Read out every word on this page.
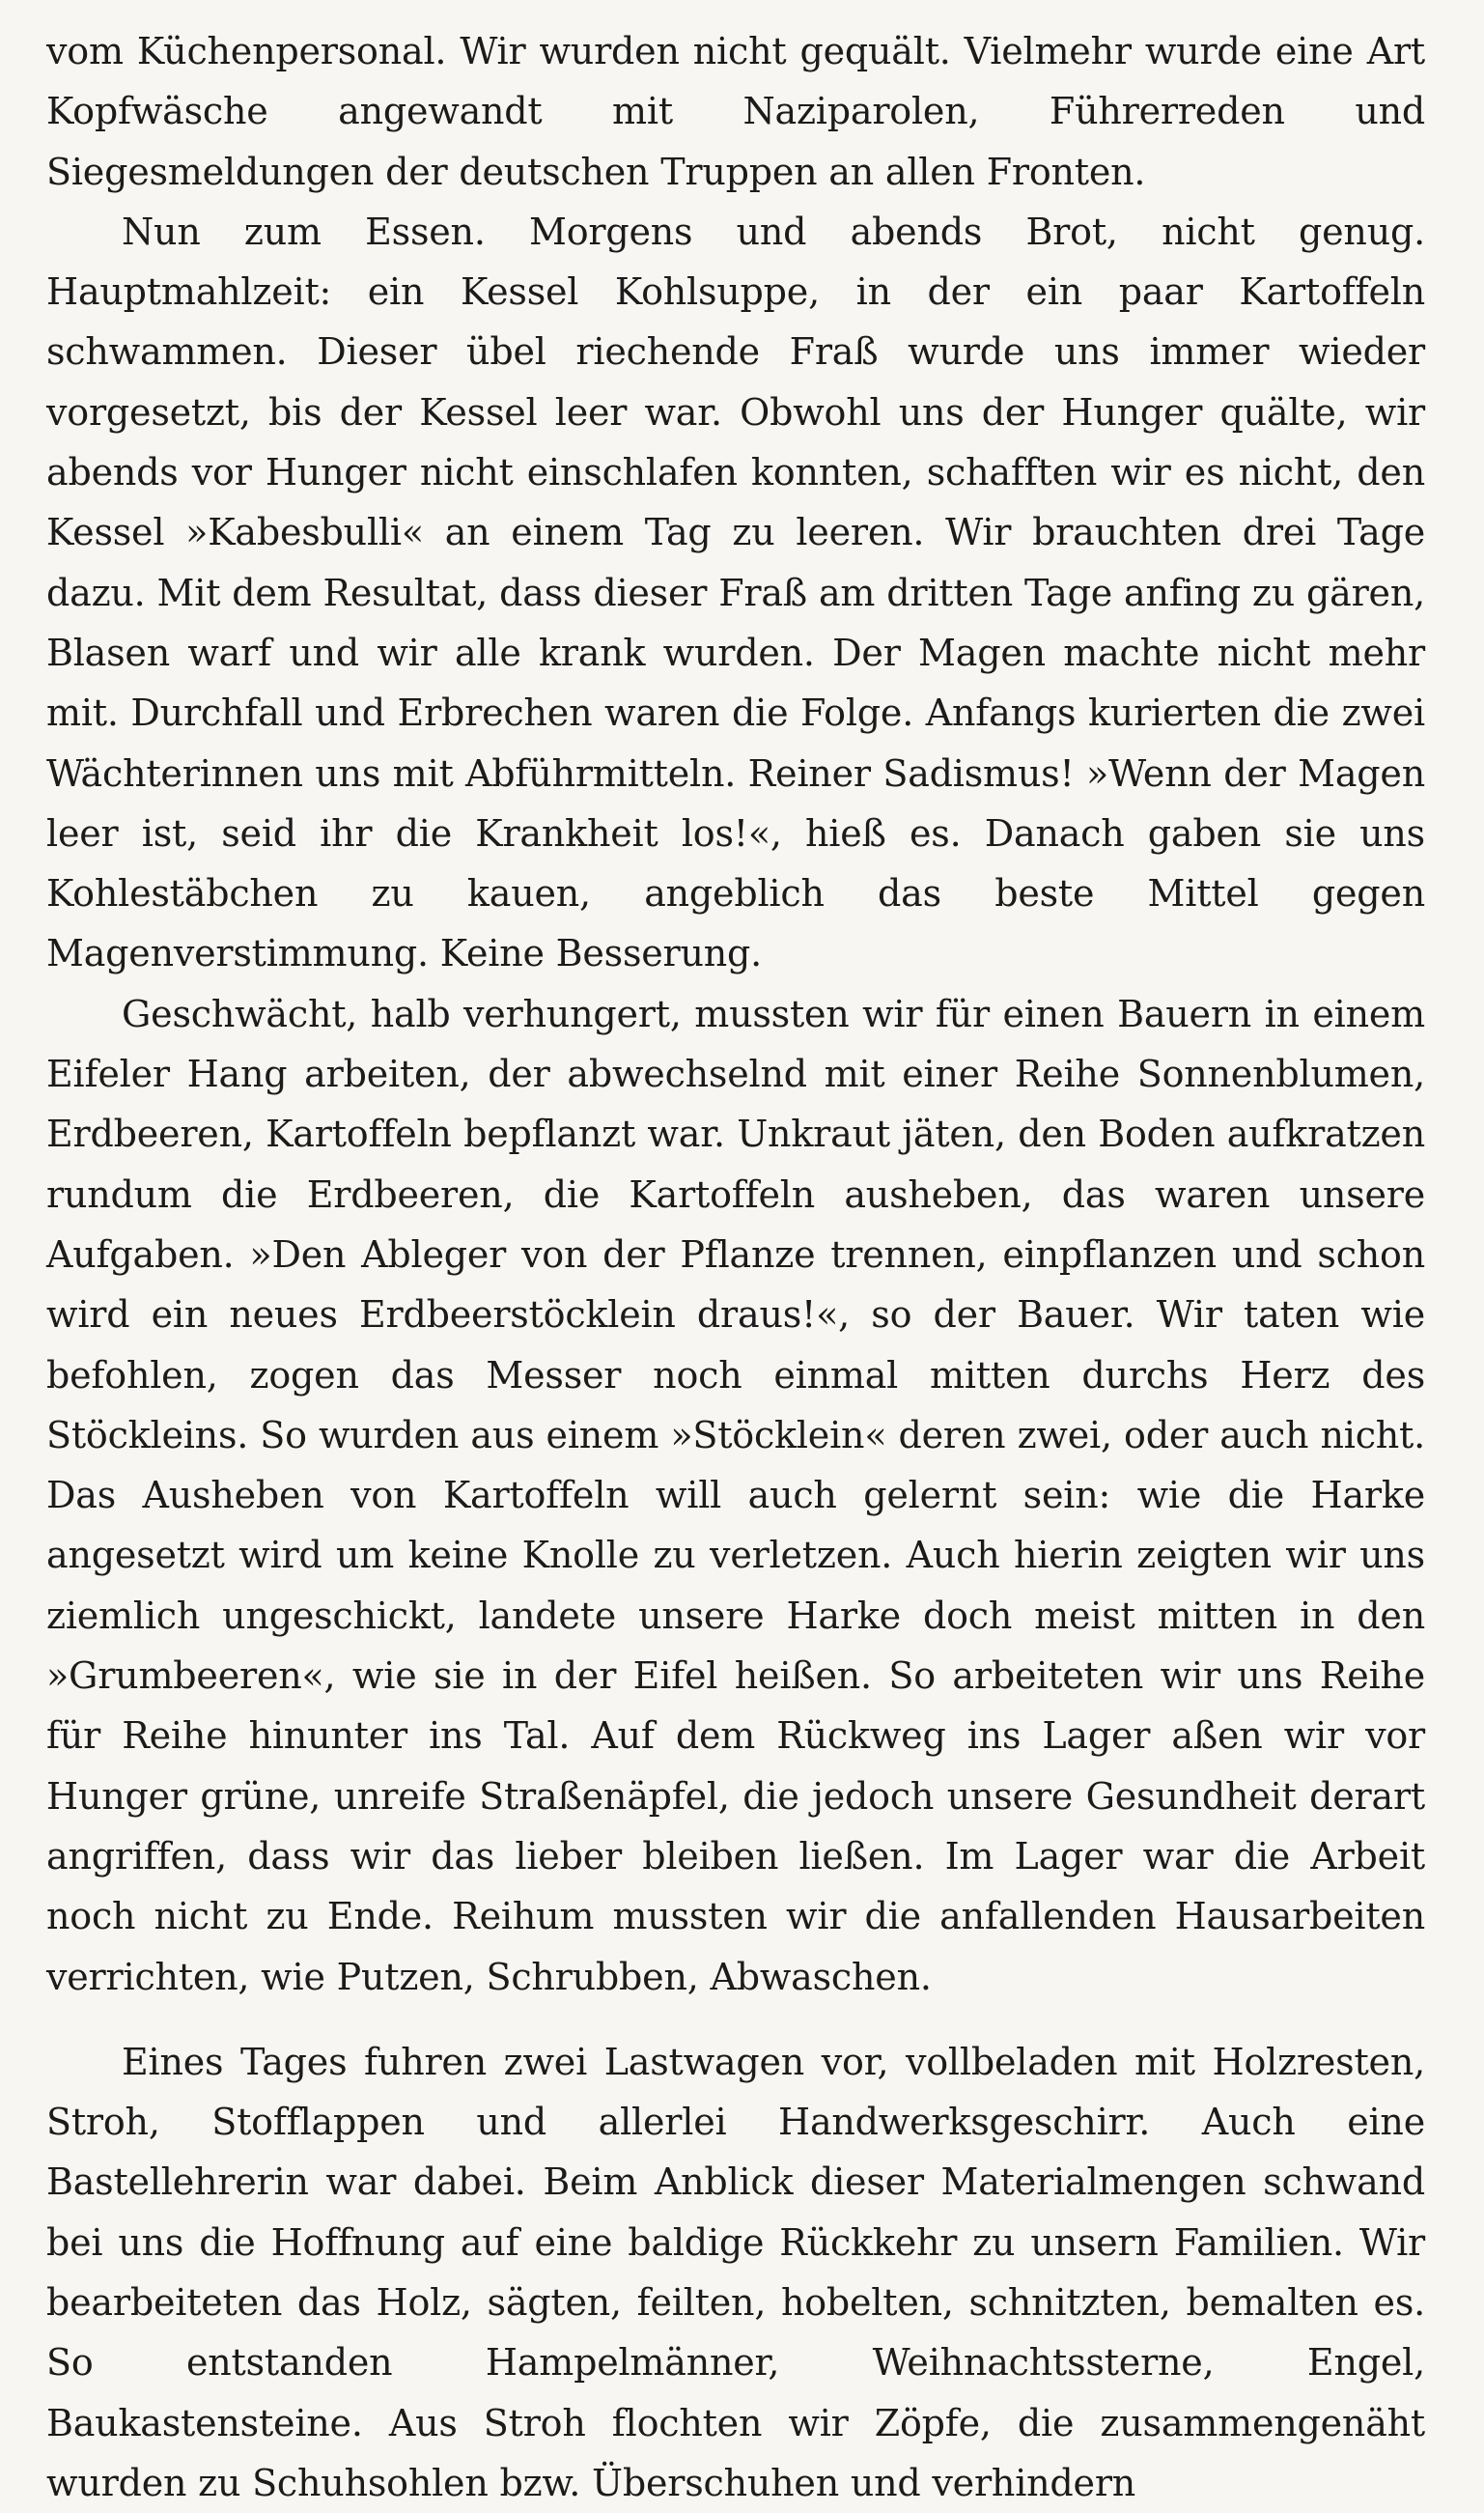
vom Küchenpersonal. Wir wurden nicht gequält. Vielmehr wurde eine Art Kopfwäsche angewandt mit Naziparolen, Führerreden und Siegesmeldungen der deutschen Truppen an allen Fronten.

Nun zum Essen. Morgens und abends Brot, nicht genug. Hauptmahlzeit: ein Kessel Kohlsuppe, in der ein paar Kartoffeln schwammen. Dieser übel riechende Fraß wurde uns immer wieder vorgesetzt, bis der Kessel leer war. Obwohl uns der Hunger quälte, wir abends vor Hunger nicht einschlafen konnten, schafften wir es nicht, den Kessel »Kabesbulli« an einem Tag zu leeren. Wir brauchten drei Tage dazu. Mit dem Resultat, dass dieser Fraß am dritten Tage anfing zu gären, Blasen warf und wir alle krank wurden. Der Magen machte nicht mehr mit. Durchfall und Erbrechen waren die Folge. Anfangs kurierten die zwei Wächterinnen uns mit Abführmitteln. Reiner Sadismus! »Wenn der Magen leer ist, seid ihr die Krankheit los!«, hieß es. Danach gaben sie uns Kohlestäbchen zu kauen, angeblich das beste Mittel gegen Magenverstimmung. Keine Besserung.

Geschwächt, halb verhungert, mussten wir für einen Bauern in einem Eifeler Hang arbeiten, der abwechselnd mit einer Reihe Sonnenblumen, Erdbeeren, Kartoffeln bepflanzt war. Unkraut jäten, den Boden aufkratzen rundum die Erdbeeren, die Kartoffeln ausheben, das waren unsere Aufgaben. »Den Ableger von der Pflanze trennen, einpflanzen und schon wird ein neues Erdbeerstöcklein draus!«, so der Bauer. Wir taten wie befohlen, zogen das Messer noch einmal mitten durchs Herz des Stöckleins. So wurden aus einem »Stöcklein« deren zwei, oder auch nicht. Das Ausheben von Kartoffeln will auch gelernt sein: wie die Harke angesetzt wird um keine Knolle zu verletzen. Auch hierin zeigten wir uns ziemlich ungeschickt, landete unsere Harke doch meist mitten in den »Grumbeeren«, wie sie in der Eifel heißen. So arbeiteten wir uns Reihe für Reihe hinunter ins Tal. Auf dem Rückweg ins Lager aßen wir vor Hunger grüne, unreife Straßenäpfel, die jedoch unsere Gesundheit derart angriffen, dass wir das lieber bleiben ließen. Im Lager war die Arbeit noch nicht zu Ende. Reihum mussten wir die anfallenden Hausarbeiten verrichten, wie Putzen, Schrubben, Abwaschen.

Eines Tages fuhren zwei Lastwagen vor, vollbeladen mit Holzresten, Stroh, Stofflappen und allerlei Handwerksgeschirr. Auch eine Bastellehrerin war dabei. Beim Anblick dieser Materialmengen schwand bei uns die Hoffnung auf eine baldige Rückkehr zu unsern Familien. Wir bearbeiteten das Holz, sägten, feilten, hobelten, schnitzten, bemalten es. So entstanden Hampelmänner, Weihnachtssterne, Engel, Baukastensteine. Aus Stroh flochten wir Zöpfe, die zusammengenäht wurden zu Schuhsohlen bzw. Überschuhen und verhindern
